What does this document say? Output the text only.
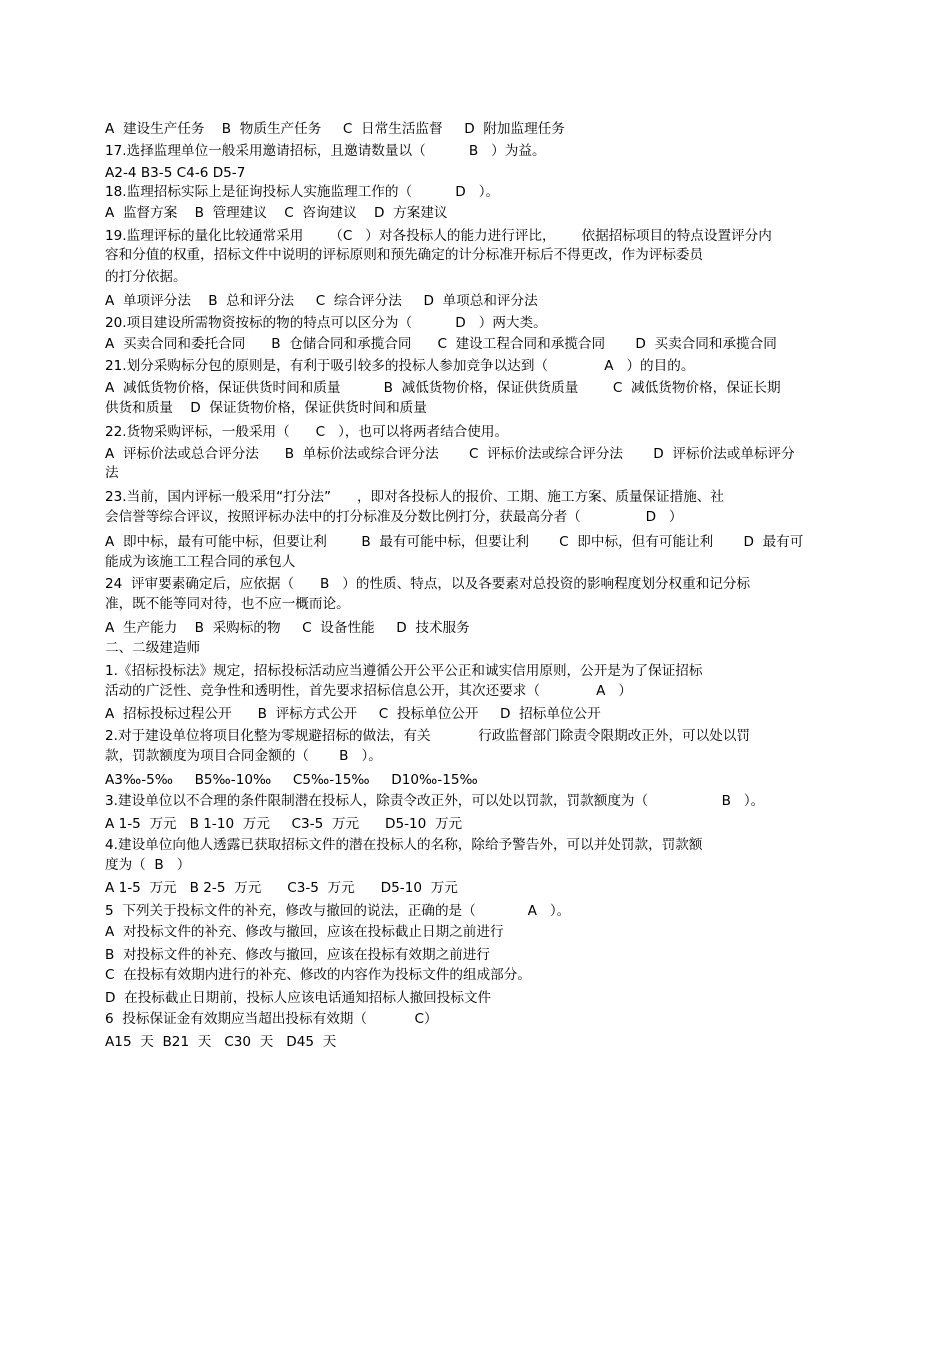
A  建设生产任务    B  物质生产任务     C  日常生活监督     D  附加监理任务
17.选择监理单位一般采用邀请招标，且邀请数量以（          B   ）为益。
A2-4 B3-5 C4-6 D5-7
18.监理招标实际上是征询投标人实施监理工作的（          D   ）。
A  监督方案    B  管理建议    C  咨询建议    D  方案建议
19.监理评标的量化比较通常采用      （C   ）对各投标人的能力进行评比，      依据招标项目的特点设置评分内
容和分值的权重，招标文件中说明的评标原则和预先确定的计分标准开标后不得更改，作为评标委员
的打分依据。
A  单项评分法    B  总和评分法     C  综合评分法     D  单项总和评分法
20.项目建设所需物资按标的物的特点可以区分为（          D   ）两大类。
A  买卖合同和委托合同      B  仓储合同和承揽合同      C  建设工程合同和承揽合同       D  买卖合同和承揽合同
21.划分采购标分包的原则是，有利于吸引较多的投标人参加竞争以达到（             A   ）的目的。
A  减低货物价格，保证供货时间和质量          B  减低货物价格，保证供货质量        C  减低货物价格，保证长期
供货和质量    D  保证货物价格，保证供货时间和质量
22.货物采购评标，一般采用（      C   ），也可以将两者结合使用。
A  评标价法或总合评分法      B  单标价法或综合评分法       C  评标价法或综合评分法       D  评标价法或单标评分
法
23.当前，国内评标一般采用“打分法”      ，即对各投标人的报价、工期、施工方案、质量保证措施、社
会信誉等综合评议，按照评标办法中的打分标准及分数比例打分，获最高分者（               D   ）
A  即中标，最有可能中标，但要让利        B  最有可能中标，但要让利       C  即中标，但有可能让利       D  最有可
能成为该施工工程合同的承包人
24  评审要素确定后，应依据（      B   ）的性质、特点，以及各要素对总投资的影响程度划分权重和记分标
准，既不能等同对待，也不应一概而论。
A  生产能力    B  采购标的物     C  设备性能     D  技术服务
二、二级建造师
1.《招标投标法》规定，招标投标活动应当遵循公开公平公正和诚实信用原则，公开是为了保证招标
活动的广泛性、竞争性和透明性，首先要求招标信息公开，其次还要求（             A   ）
A  招标投标过程公开      B  评标方式公开     C  投标单位公开     D  招标单位公开
2.对于建设单位将项目化整为零规避招标的做法，有关           行政监督部门除责令限期改正外，可以处以罚
款，罚款额度为项目合同金额的（       B   ）。
A3‰-5‰     B5‰-10‰     C5‰-15‰     D10‰-15‰
3.建设单位以不合理的条件限制潜在投标人，除责令改正外，可以处以罚款，罚款额度为（                 B   ）。
A 1-5  万元   B 1-10  万元     C3-5  万元      D5-10  万元
4.建设单位向他人透露已获取招标文件的潜在投标人的名称，除给予警告外，可以并处罚款，罚款额
度为（  B   ）
A 1-5  万元   B 2-5  万元      C3-5  万元      D5-10  万元
5  下列关于投标文件的补充，修改与撤回的说法，正确的是（            A   ）。
A  对投标文件的补充、修改与撤回，应该在投标截止日期之前进行
B  对投标文件的补充、修改与撤回，应该在投标有效期之前进行
C  在投标有效期内进行的补充、修改的内容作为投标文件的组成部分。
D  在投标截止日期前，投标人应该电话通知招标人撤回投标文件
6  投标保证金有效期应当超出投标有效期（           C）
A15  天  B21  天   C30  天   D45  天
